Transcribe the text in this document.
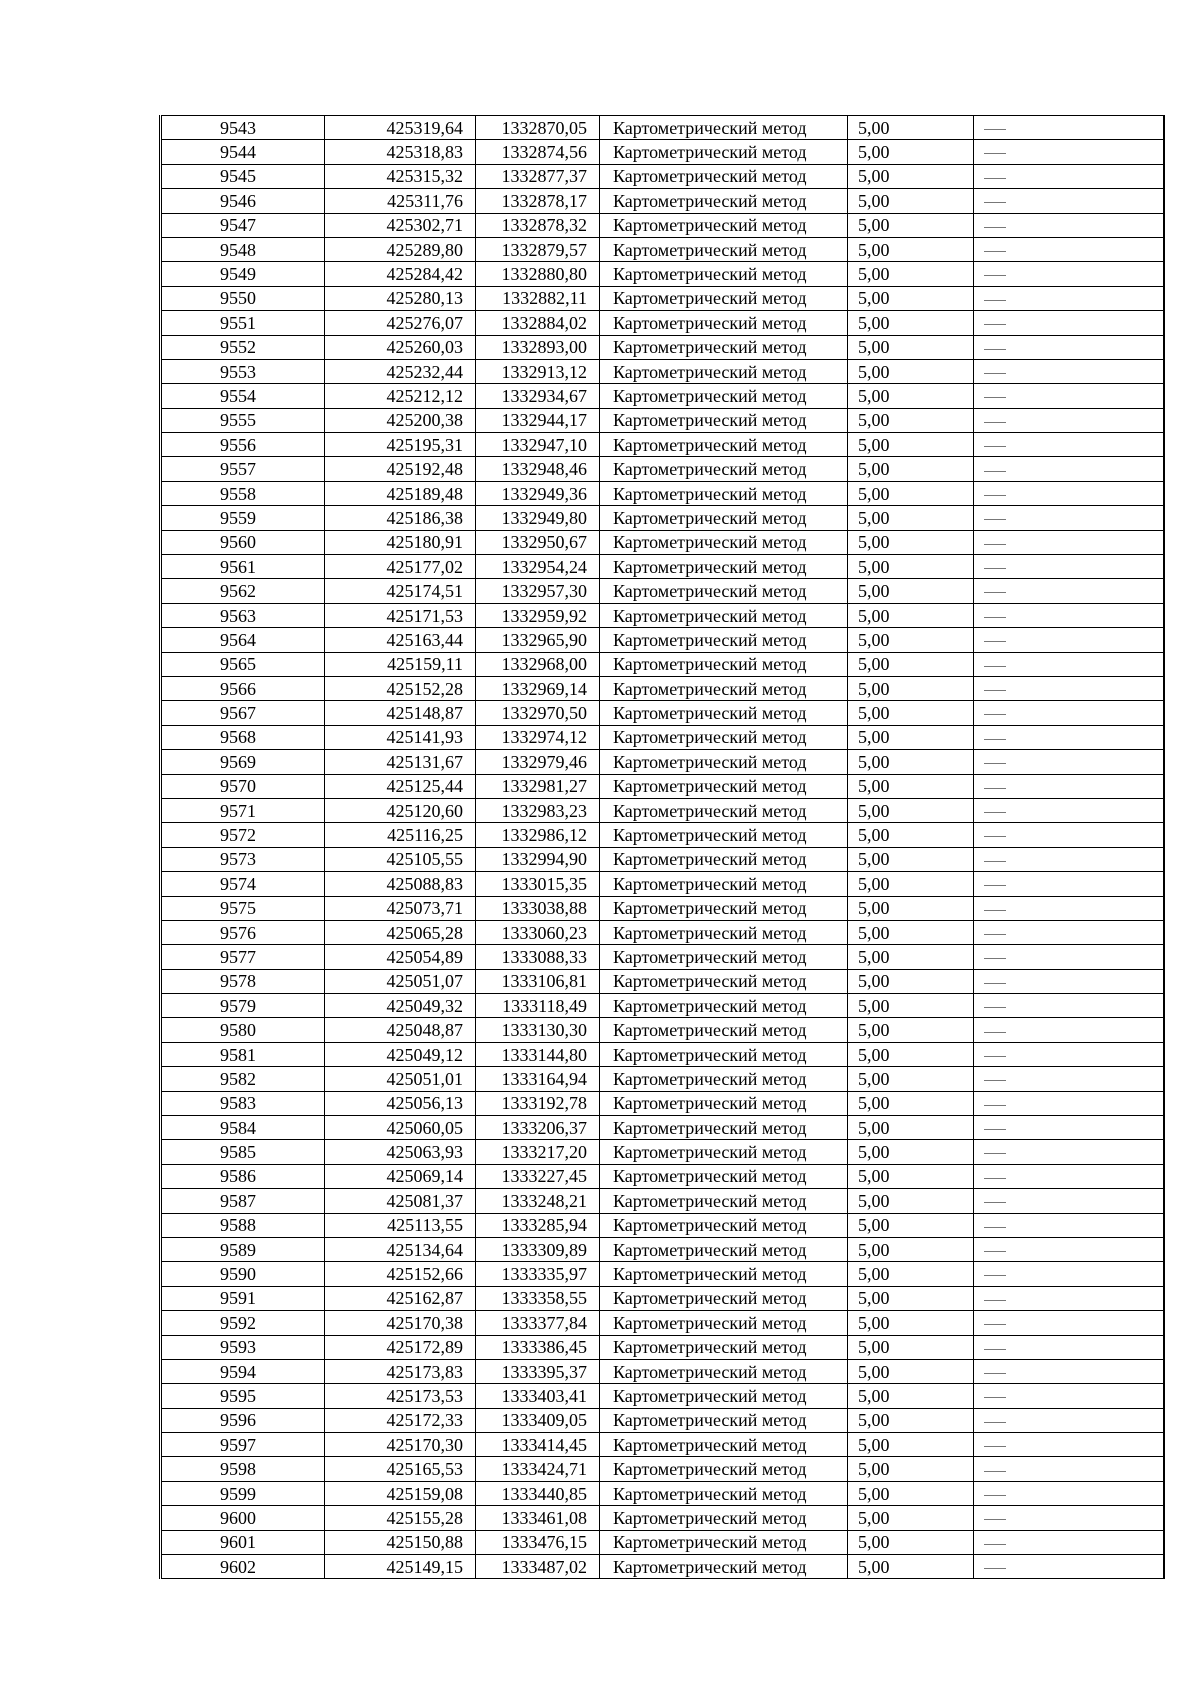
9543	425319,64	1332870,05	Картометрический метод	5,00	
9544	425318,83	1332874,56	Картометрический метод	5,00	
9545	425315,32	1332877,37	Картометрический метод	5,00	
9546	425311,76	1332878,17	Картометрический метод	5,00	
9547	425302,71	1332878,32	Картометрический метод	5,00	
9548	425289,80	1332879,57	Картометрический метод	5,00	
9549	425284,42	1332880,80	Картометрический метод	5,00	
9550	425280,13	1332882,11	Картометрический метод	5,00	
9551	425276,07	1332884,02	Картометрический метод	5,00	
9552	425260,03	1332893,00	Картометрический метод	5,00	
9553	425232,44	1332913,12	Картометрический метод	5,00	
9554	425212,12	1332934,67	Картометрический метод	5,00	
9555	425200,38	1332944,17	Картометрический метод	5,00	
9556	425195,31	1332947,10	Картометрический метод	5,00	
9557	425192,48	1332948,46	Картометрический метод	5,00	
9558	425189,48	1332949,36	Картометрический метод	5,00	
9559	425186,38	1332949,80	Картометрический метод	5,00	
9560	425180,91	1332950,67	Картометрический метод	5,00	
9561	425177,02	1332954,24	Картометрический метод	5,00	
9562	425174,51	1332957,30	Картометрический метод	5,00	
9563	425171,53	1332959,92	Картометрический метод	5,00	
9564	425163,44	1332965,90	Картометрический метод	5,00	
9565	425159,11	1332968,00	Картометрический метод	5,00	
9566	425152,28	1332969,14	Картометрический метод	5,00	
9567	425148,87	1332970,50	Картометрический метод	5,00	
9568	425141,93	1332974,12	Картометрический метод	5,00	
9569	425131,67	1332979,46	Картометрический метод	5,00	
9570	425125,44	1332981,27	Картометрический метод	5,00	
9571	425120,60	1332983,23	Картометрический метод	5,00	
9572	425116,25	1332986,12	Картометрический метод	5,00	
9573	425105,55	1332994,90	Картометрический метод	5,00	
9574	425088,83	1333015,35	Картометрический метод	5,00	
9575	425073,71	1333038,88	Картометрический метод	5,00	
9576	425065,28	1333060,23	Картометрический метод	5,00	
9577	425054,89	1333088,33	Картометрический метод	5,00	
9578	425051,07	1333106,81	Картометрический метод	5,00	
9579	425049,32	1333118,49	Картометрический метод	5,00	
9580	425048,87	1333130,30	Картометрический метод	5,00	
9581	425049,12	1333144,80	Картометрический метод	5,00	
9582	425051,01	1333164,94	Картометрический метод	5,00	
9583	425056,13	1333192,78	Картометрический метод	5,00	
9584	425060,05	1333206,37	Картометрический метод	5,00	
9585	425063,93	1333217,20	Картометрический метод	5,00	
9586	425069,14	1333227,45	Картометрический метод	5,00	
9587	425081,37	1333248,21	Картометрический метод	5,00	
9588	425113,55	1333285,94	Картометрический метод	5,00	
9589	425134,64	1333309,89	Картометрический метод	5,00	
9590	425152,66	1333335,97	Картометрический метод	5,00	
9591	425162,87	1333358,55	Картометрический метод	5,00	
9592	425170,38	1333377,84	Картометрический метод	5,00	
9593	425172,89	1333386,45	Картометрический метод	5,00	
9594	425173,83	1333395,37	Картометрический метод	5,00	
9595	425173,53	1333403,41	Картометрический метод	5,00	
9596	425172,33	1333409,05	Картометрический метод	5,00	
9597	425170,30	1333414,45	Картометрический метод	5,00	
9598	425165,53	1333424,71	Картометрический метод	5,00	
9599	425159,08	1333440,85	Картометрический метод	5,00	
9600	425155,28	1333461,08	Картометрический метод	5,00	
9601	425150,88	1333476,15	Картометрический метод	5,00	
9602	425149,15	1333487,02	Картометрический метод	5,00	
